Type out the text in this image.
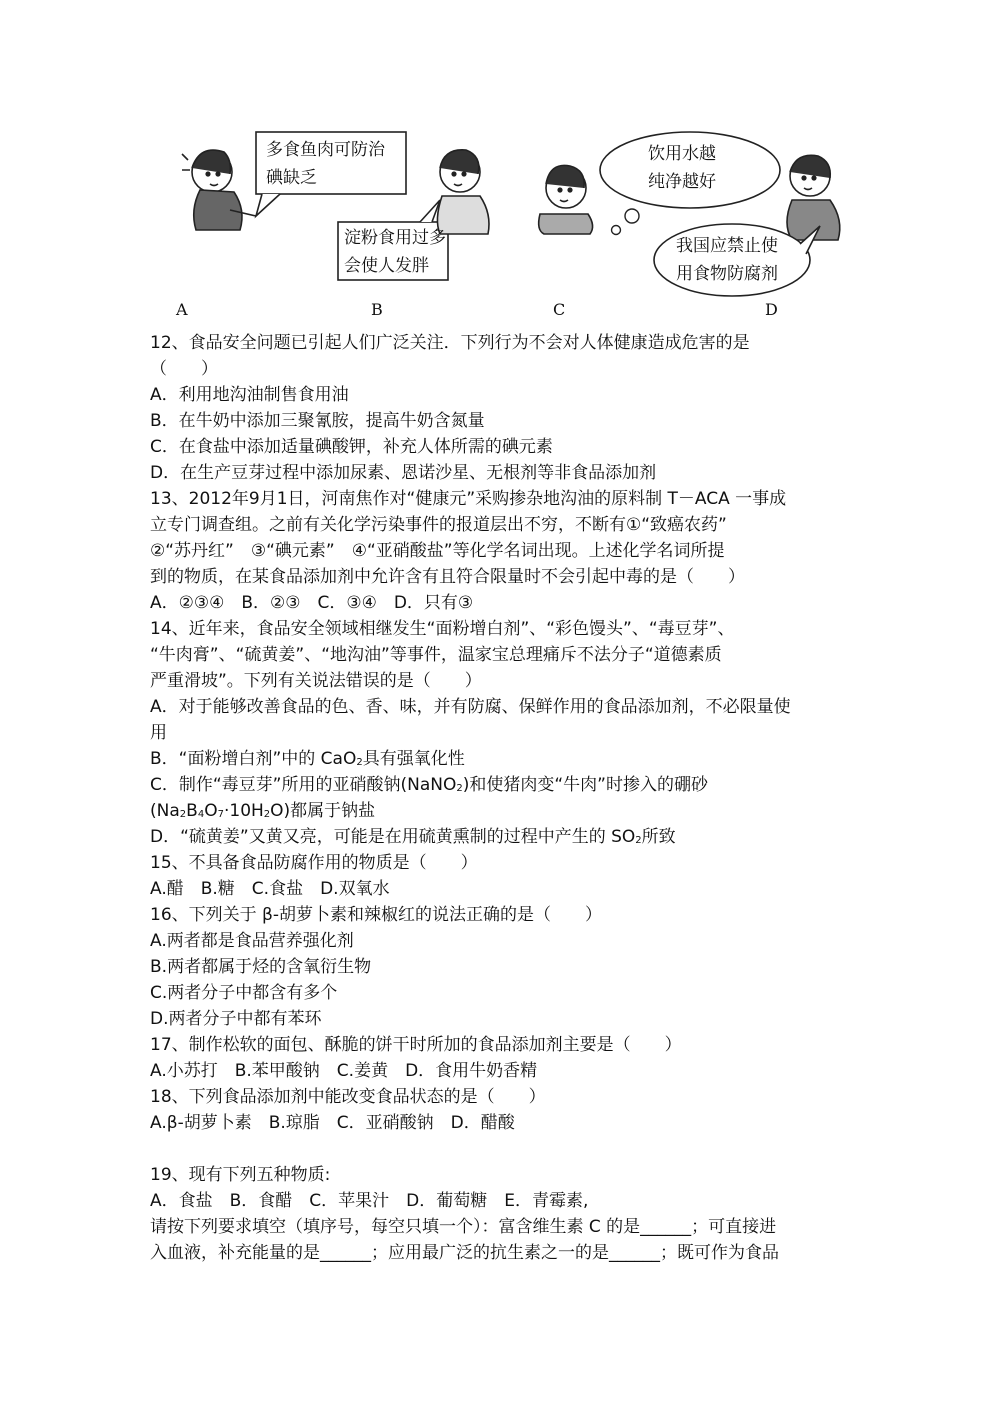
多食鱼肉可防治
碘缺乏
淀粉食用过多
会使人发胖
饮用水越
纯净越好
我国应禁止使
用食物防腐剂
A	B	C	D
12、食品安全问题已引起人们广泛关注．下列行为不会对人体健康造成危害的是
（　　）
A．利用地沟油制售食用油
B．在牛奶中添加三聚氰胺，提高牛奶含氮量
C．在食盐中添加适量碘酸钾，补充人体所需的碘元素
D．在生产豆芽过程中添加尿素、恩诺沙星、无根剂等非食品添加剂
13、2012年9月1日，河南焦作对“健康元”采购掺杂地沟油的原料制 T－ACA 一事成
立专门调查组。之前有关化学污染事件的报道层出不穷，不断有①“致癌农药”
②“苏丹红”　③“碘元素”　④“亚硝酸盐”等化学名词出现。上述化学名词所提
到的物质，在某食品添加剂中允许含有且符合限量时不会引起中毒的是（　　）
A．②③④　B．②③　C．③④　D．只有③
14、近年来，食品安全领域相继发生“面粉增白剂”、“彩色馒头”、“毒豆芽”、
“牛肉膏”、“硫黄姜”、“地沟油”等事件，温家宝总理痛斥不法分子“道德素质
严重滑坡”。下列有关说法错误的是（　　）
A．对于能够改善食品的色、香、味，并有防腐、保鲜作用的食品添加剂，不必限量使
用
B．“面粉增白剂”中的 CaO$_2$具有强氧化性
C．制作“毒豆芽”所用的亚硝酸钠(NaNO$_2$)和使猪肉变“牛肉”时掺入的硼砂
$(Na_2B_4O_7\cdot 10H_2O)$都属于钠盐
D．“硫黄姜”又黄又亮，可能是在用硫黄熏制的过程中产生的 $SO_2$所致
15、不具备食品防腐作用的物质是（　　）
A.醋　B.糖　C.食盐　D.双氧水
16、下列关于 β-胡萝卜素和辣椒红的说法正确的是（　　）
A.两者都是食品营养强化剂
B.两者都属于烃的含氧衍生物
C.两者分子中都含有多个
D.两者分子中都有苯环
17、制作松软的面包、酥脆的饼干时所加的食品添加剂主要是（　　）
A.小苏打　B.苯甲酸钠　C.姜黄　D．食用牛奶香精
18、下列食品添加剂中能改变食品状态的是（　　）
A.β-胡萝卜素　B.琼脂　C．亚硝酸钠　D．醋酸
19、现有下列五种物质:
A．食盐　B．食醋　C．苹果汁　D．葡萄糖　E．青霉素,
请按下列要求填空（填序号，每空只填一个）：富含维生素 C 的是______；可直接进
入血液，补充能量的是______；应用最广泛的抗生素之一的是______；既可作为食品
